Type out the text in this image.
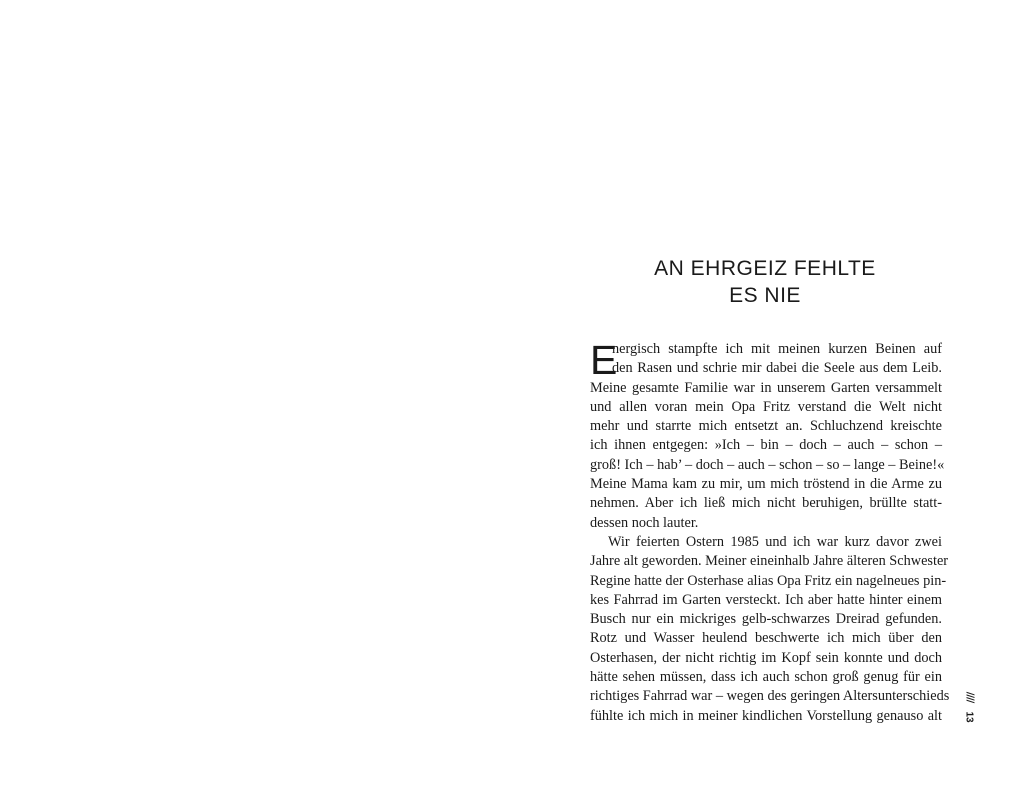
AN EHRGEIZ FEHLTE
ES NIE
E
nergisch stampfte ich mit meinen kurzen Beinen auf
den Rasen und schrie mir dabei die Seele aus dem Leib.
Meine gesamte Familie war in unserem Garten versammelt
und allen voran mein Opa Fritz verstand die Welt nicht
mehr und starrte mich entsetzt an. Schluchzend kreischte
ich ihnen entgegen: »Ich – bin – doch – auch – schon –
groß! Ich – hab’ – doch – auch – schon – so – lange – Beine!«
Meine Mama kam zu mir, um mich tröstend in die Arme zu
nehmen. Aber ich ließ mich nicht beruhigen, brüllte statt-
dessen noch lauter.
Wir feierten Ostern 1985 und ich war kurz davor zwei
Jahre alt geworden. Meiner eineinhalb Jahre älteren Schwester
Regine hatte der Osterhase alias Opa Fritz ein nagelneues pin-
kes Fahrrad im Garten versteckt. Ich aber hatte hinter einem
Busch nur ein mickriges gelb-schwarzes Dreirad gefunden.
Rotz und Wasser heulend beschwerte ich mich über den
Osterhasen, der nicht richtig im Kopf sein konnte und doch
hätte sehen müssen, dass ich auch schon groß genug für ein
richtiges Fahrrad war – wegen des geringen Altersunterschieds
fühlte ich mich in meiner kindlichen Vorstellung genauso alt
////
13
